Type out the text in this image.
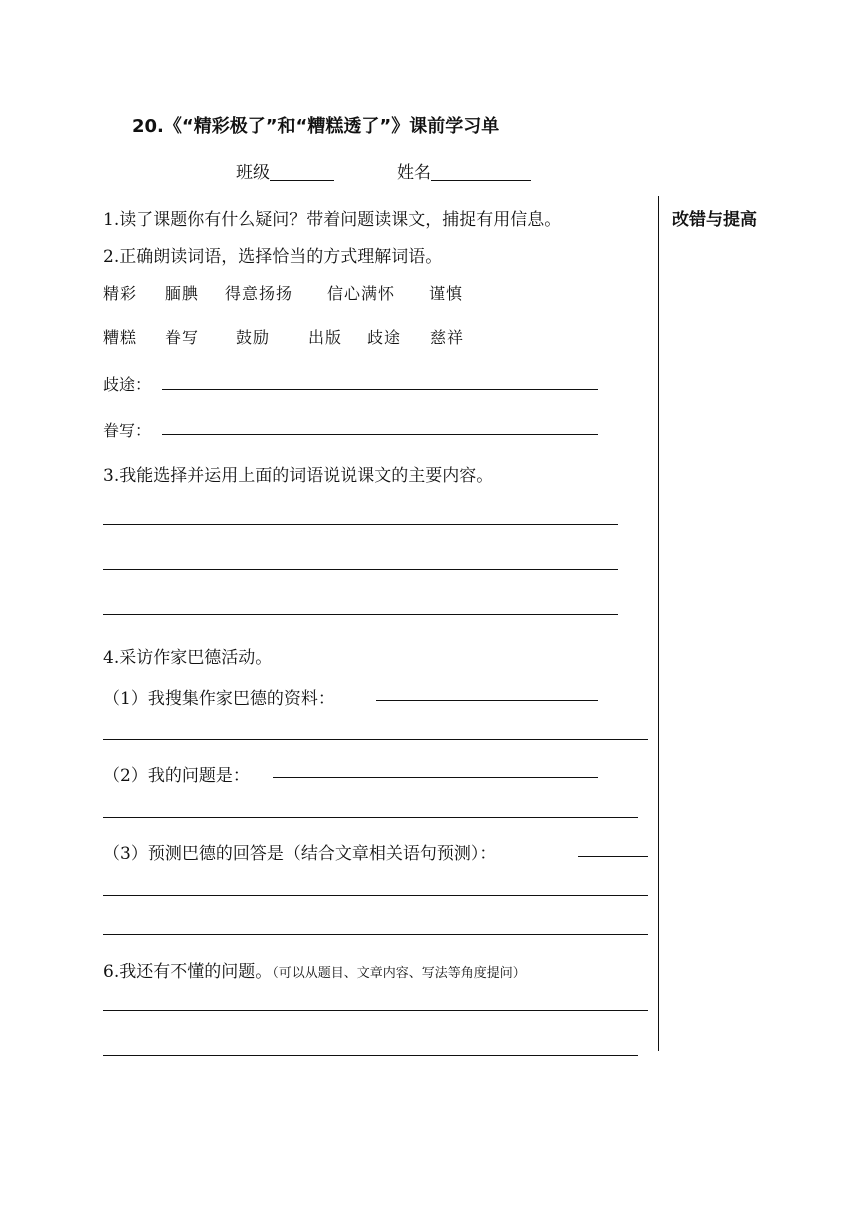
20.《“精彩极了”和“糟糕透了”》课前学习单
班级	姓名
改错与提高
1.读了课题你有什么疑问？带着问题读课文，捕捉有用信息。
2.正确朗读词语，选择恰当的方式理解词语。
精彩 腼腆 得意扬扬 信心满怀 谨慎
糟糕 眷写 鼓励 出版 歧途 慈祥
歧途：
眷写：
3.我能选择并运用上面的词语说说课文的主要内容。
4.采访作家巴德活动。
（1）我搜集作家巴德的资料：
（2）我的问题是：
（3）预测巴德的回答是（结合文章相关语句预测）：
6.我还有不懂的问题。（可以从题目、文章内容、写法等角度提问）
